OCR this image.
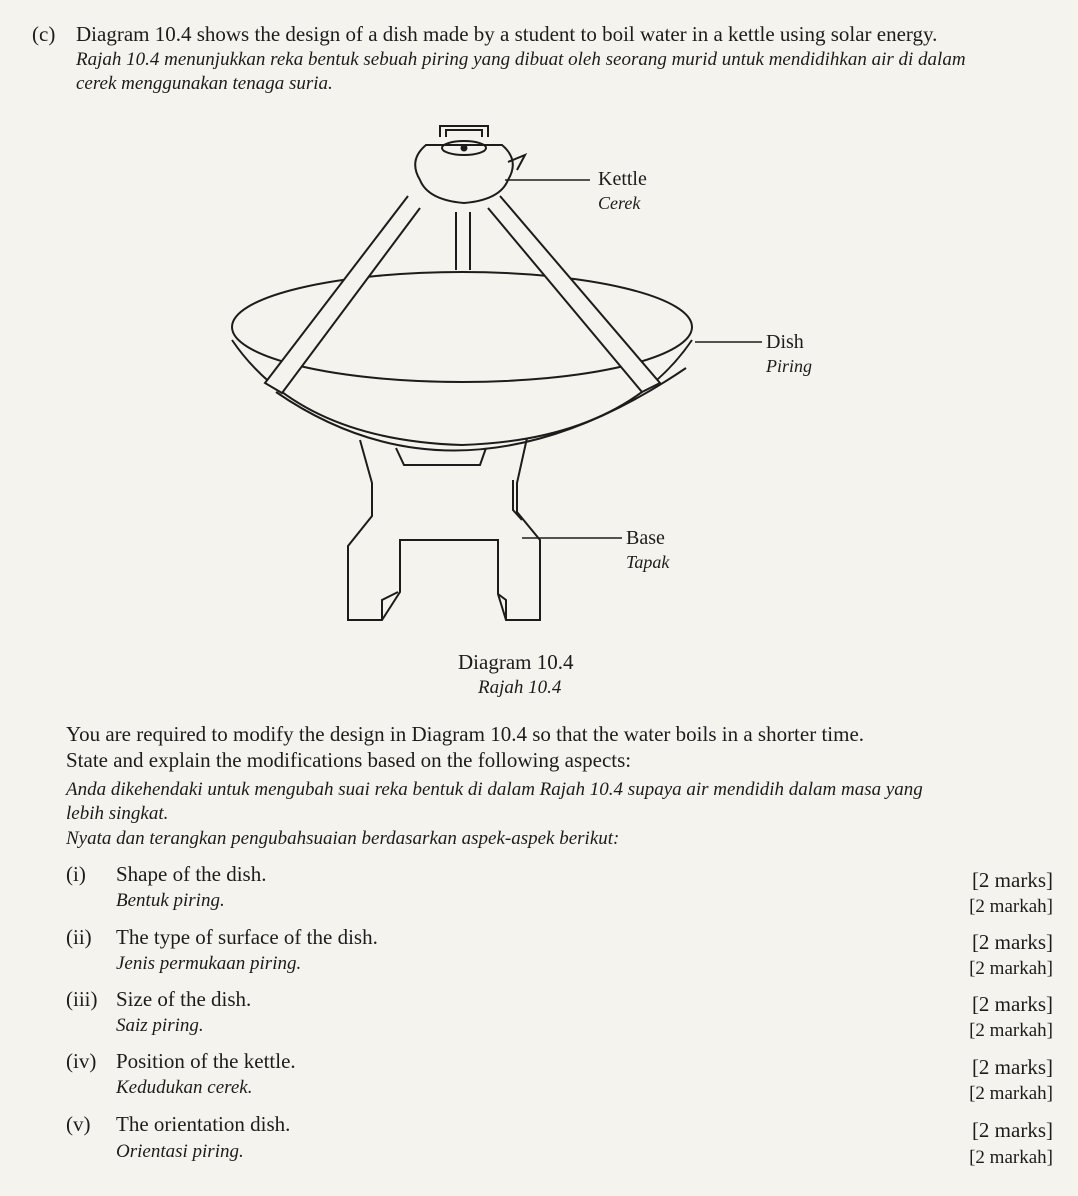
(c) Diagram 10.4 shows the design of a dish made by a student to boil water in a kettle using solar energy.
Rajah 10.4 menunjukkan reka bentuk sebuah piring yang dibuat oleh seorang murid untuk mendidihkan air di dalam
cerek menggunakan tenaga suria.
Kettle
Cerek
Dish
Piring
Base
Tapak
Diagram 10.4
Rajah 10.4
You are required to modify the design in Diagram 10.4 so that the water boils in a shorter time.
State and explain the modifications based on the following aspects:
Anda dikehendaki untuk mengubah suai reka bentuk di dalam Rajah 10.4 supaya air mendidih dalam masa yang
lebih singkat.
Nyata dan terangkan pengubahsuaian berdasarkan aspek-aspek berikut:
(i) Shape of the dish.
Bentuk piring.
[2 marks]
[2 markah]
(ii) The type of surface of the dish.
Jenis permukaan piring.
[2 marks]
[2 markah]
(iii) Size of the dish.
Saiz piring.
[2 marks]
[2 markah]
(iv) Position of the kettle.
Kedudukan cerek.
[2 marks]
[2 markah]
(v) The orientation dish.
Orientasi piring.
[2 marks]
[2 markah]
